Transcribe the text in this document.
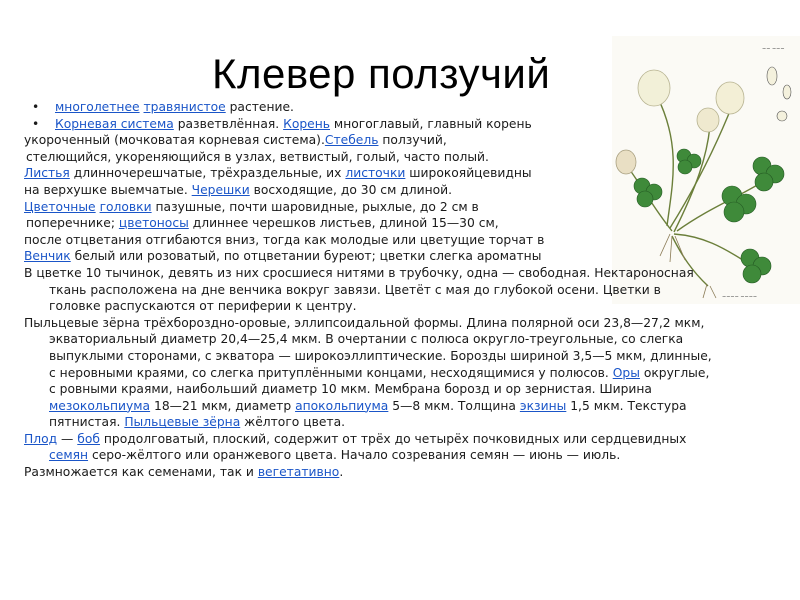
Клевер ползучий
~~ ~~~
~~~~ ~~~~
• многолетнее травянистое растение.
• Корневая система разветвлённая. Корень многоглавый, главный корень
укороченный (мочковатая корневая система).Стебель ползучий,
стелющийся, укореняющийся в узлах, ветвистый, голый, часто полый.
Листья длинночерешчатые, трёхраздельные, их листочки широкояйцевидны
на верхушке выемчатые. Черешки восходящие, до 30 см длиной.
Цветочные головки пазушные, почти шаровидные, рыхлые, до 2 см в
поперечнике; цветоносы длиннее черешков листьев, длиной 15—30 см,
после отцветания отгибаются вниз, тогда как молодые или цветущие торчат в
Венчик белый или розоватый, по отцветании буреют; цветки слегка ароматны
В цветке 10 тычинок, девять из них сросшиеся нитями в трубочку, одна — свободная. Нектароносная ткань расположена на дне венчика вокруг завязи. Цветёт с мая до глубокой осени. Цветки в головке распускаются от периферии к центру.
Пыльцевые зёрна трёхбороздно-оровые, эллипсоидальной формы. Длина полярной оси 23,8—27,2 мкм, экваториальный диаметр 20,4—25,4 мкм. В очертании с полюса округло-треугольные, со слегка выпуклыми сторонами, с экватора — широкоэллиптические. Борозды шириной 3,5—5 мкм, длинные, с неровными краями, со слегка притуплёнными концами, несходящимися у полюсов. Оры округлые, с ровными краями, наибольший диаметр 10 мкм. Мембрана борозд и ор зернистая. Ширина мезокольпиума 18—21 мкм, диаметр апокольпиума 5—8 мкм. Толщина экзины 1,5 мкм. Текстура пятнистая. Пыльцевые зёрна жёлтого цвета.
Плод — боб продолговатый, плоский, содержит от трёх до четырёх почковидных или сердцевидных семян серо-жёлтого или оранжевого цвета. Начало созревания семян — июнь — июль.
Размножается как семенами, так и вегетативно.
